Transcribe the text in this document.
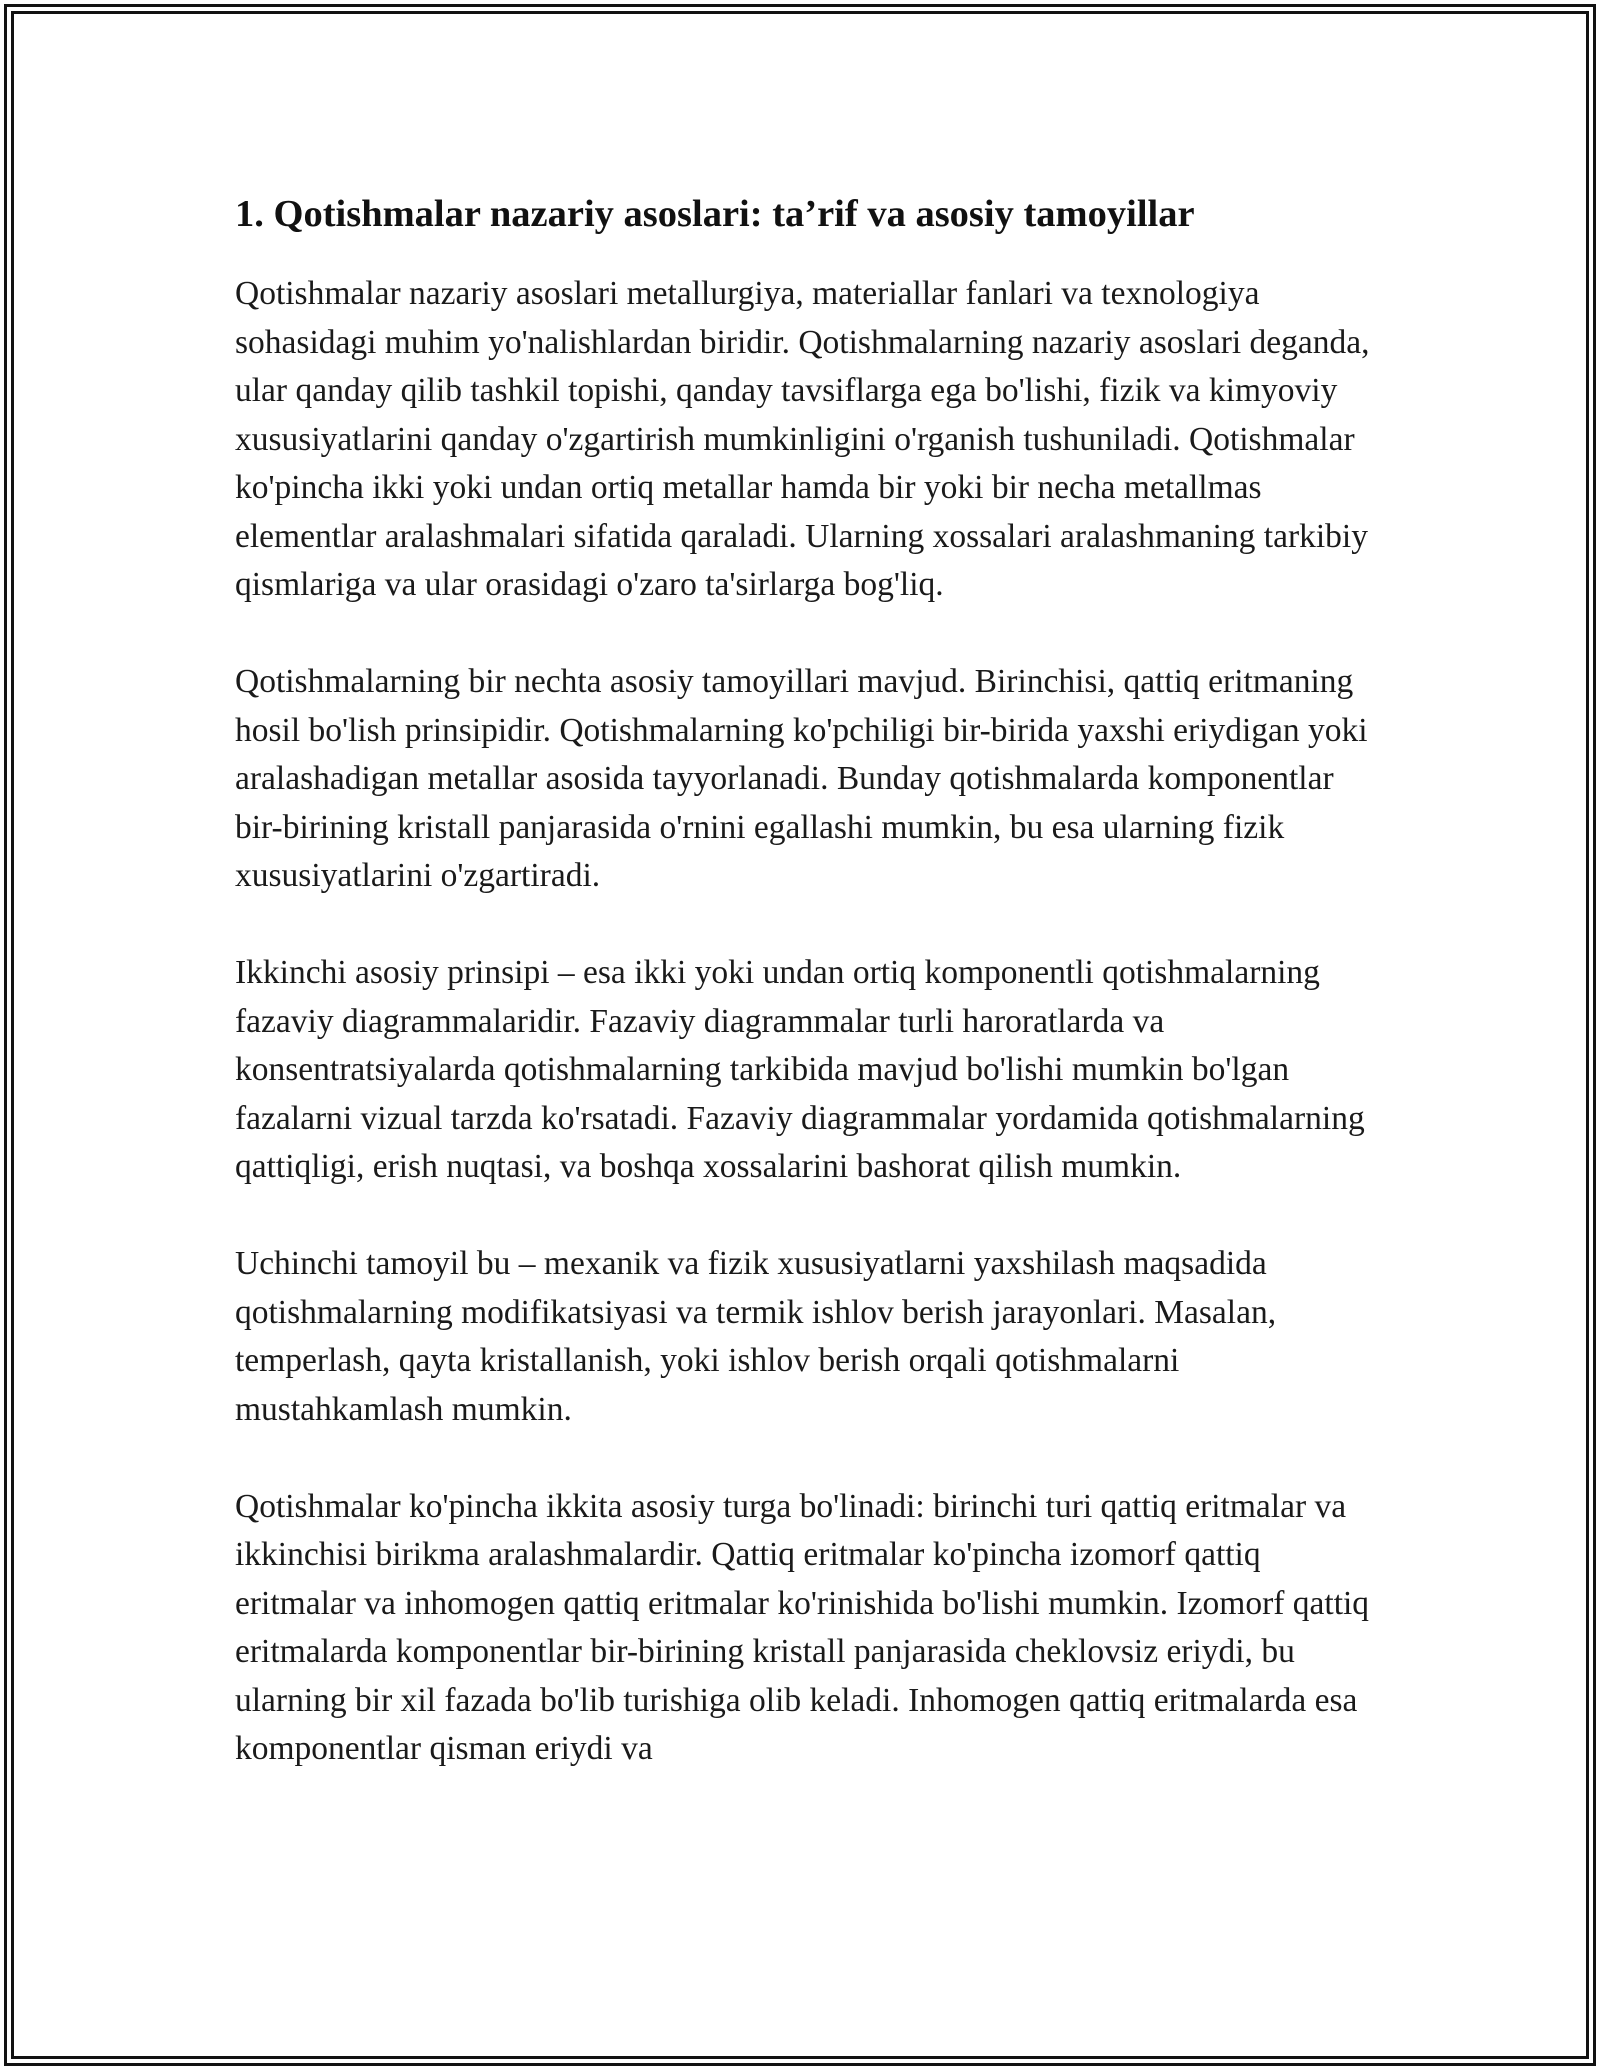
1. Qotishmalar nazariy asoslari: ta’rif va asosiy tamoyillar

Qotishmalar nazariy asoslari metallurgiya, materiallar fanlari va texnologiya sohasidagi muhim yo'nalishlardan biridir. Qotishmalarning nazariy asoslari deganda, ular qanday qilib tashkil topishi, qanday tavsiflarga ega bo'lishi, fizik va kimyoviy xususiyatlarini qanday o'zgartirish mumkinligini o'rganish tushuniladi. Qotishmalar ko'pincha ikki yoki undan ortiq metallar hamda bir yoki bir necha metallmas elementlar aralashmalari sifatida qaraladi. Ularning xossalari aralashmaning tarkibiy qismlariga va ular orasidagi o'zaro ta'sirlarga bog'liq.

Qotishmalarning bir nechta asosiy tamoyillari mavjud. Birinchisi, qattiq eritmaning hosil bo'lish prinsipidir. Qotishmalarning ko'pchiligi bir-birida yaxshi eriydigan yoki aralashadigan metallar asosida tayyorlanadi. Bunday qotishmalarda komponentlar bir-birining kristall panjarasida o'rnini egallashi mumkin, bu esa ularning fizik xususiyatlarini o'zgartiradi.

Ikkinchi asosiy prinsipi – esa ikki yoki undan ortiq komponentli qotishmalarning fazaviy diagrammalaridir. Fazaviy diagrammalar turli haroratlarda va konsentratsiyalarda qotishmalarning tarkibida mavjud bo'lishi mumkin bo'lgan fazalarni vizual tarzda ko'rsatadi. Fazaviy diagrammalar yordamida qotishmalarning qattiqligi, erish nuqtasi, va boshqa xossalarini bashorat qilish mumkin.

Uchinchi tamoyil bu – mexanik va fizik xususiyatlarni yaxshilash maqsadida qotishmalarning modifikatsiyasi va termik ishlov berish jarayonlari. Masalan, temperlash, qayta kristallanish, yoki ishlov berish orqali qotishmalarni mustahkamlash mumkin.

Qotishmalar ko'pincha ikkita asosiy turga bo'linadi: birinchi turi qattiq eritmalar va ikkinchisi birikma aralashmalardir. Qattiq eritmalar ko'pincha izomorf qattiq eritmalar va inhomogen qattiq eritmalar ko'rinishida bo'lishi mumkin. Izomorf qattiq eritmalarda komponentlar bir-birining kristall panjarasida cheklovsiz eriydi, bu ularning bir xil fazada bo'lib turishiga olib keladi. Inhomogen qattiq eritmalarda esa komponentlar qisman eriydi va
